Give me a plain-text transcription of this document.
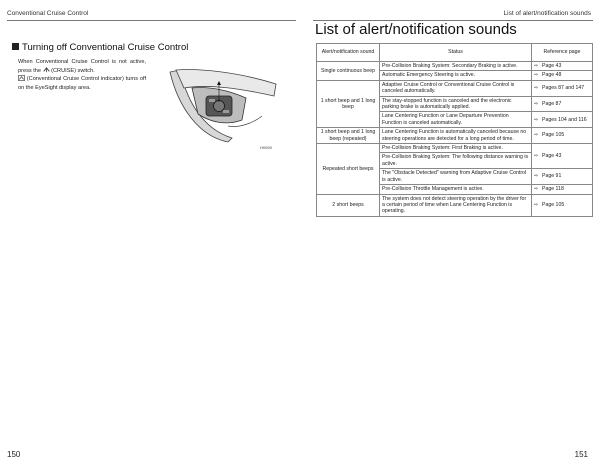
Conventional Cruise Control	List of alert/notification sounds
Turning off Conventional Cruise Control
When Conventional Cruise Control is not active, press the (CRUISE) switch.
(Conventional Cruise Control indicator) turns off on the EyeSight display area.
H0059
List of alert/notification sounds
Alert/notification sound	Status	Reference page
Single continuous beep	Pre-Collision Braking System: Secondary Braking is active.	⇨ Page 43
	Automatic Emergency Steering is active.	⇨ Page 48
1 short beep and 1 long beep	Adaptive Cruise Control or Conventional Cruise Control is canceled automatically.	⇨ Pages 87 and 147
	The stay-stopped function is canceled and the electronic parking brake is automatically applied.	⇨ Page 87
	Lane Centering Function or Lane Departure Prevention Function is canceled automatically.	⇨ Pages 104 and 116
1 short beep and 1 long beep (repeated)	Lane Centering Function is automatically canceled because no steering operations are detected for a long period of time.	⇨ Page 105
Repeated short beeps	Pre-Collision Braking System: First Braking is active.	⇨ Page 43
	Pre-Collision Braking System: The following distance warning is active.	
	The "Obstacle Detected" warning from Adaptive Cruise Control is active.	⇨ Page 91
	Pre-Collision Throttle Management is active.	⇨ Page 118
2 short beeps	The system does not detect steering operation by the driver for a certain period of time when Lane Centering Function is operating.	⇨ Page 105
150	151
